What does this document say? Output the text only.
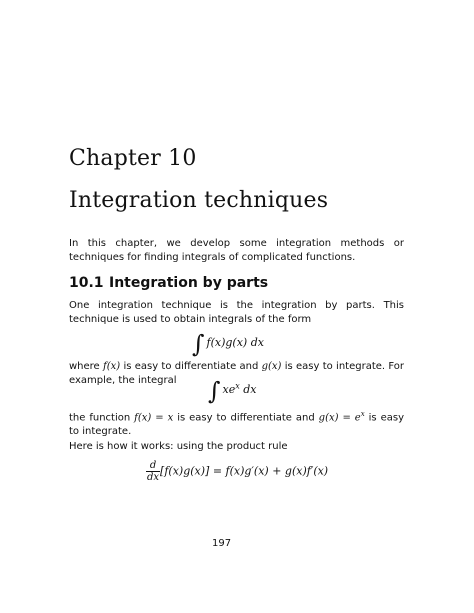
Chapter 10
Integration techniques

In this chapter, we develop some integration methods or techniques for finding integrals of complicated functions.

10.1 Integration by parts

One integration technique is the integration by parts. This technique is used to obtain integrals of the form

∫ f(x)g(x) dx

where f(x) is easy to differentiate and g(x) is easy to integrate. For example, the integral	∫ $xe^x$ dx

the function f(x) = x is easy to differentiate and $g(x) = e^x$ is easy to integrate.

Here is how it works: using the product rule

$\frac{d}{dx} [f(x)g(x)] = f(x)g'(x) + g(x)f'(x)$
197
